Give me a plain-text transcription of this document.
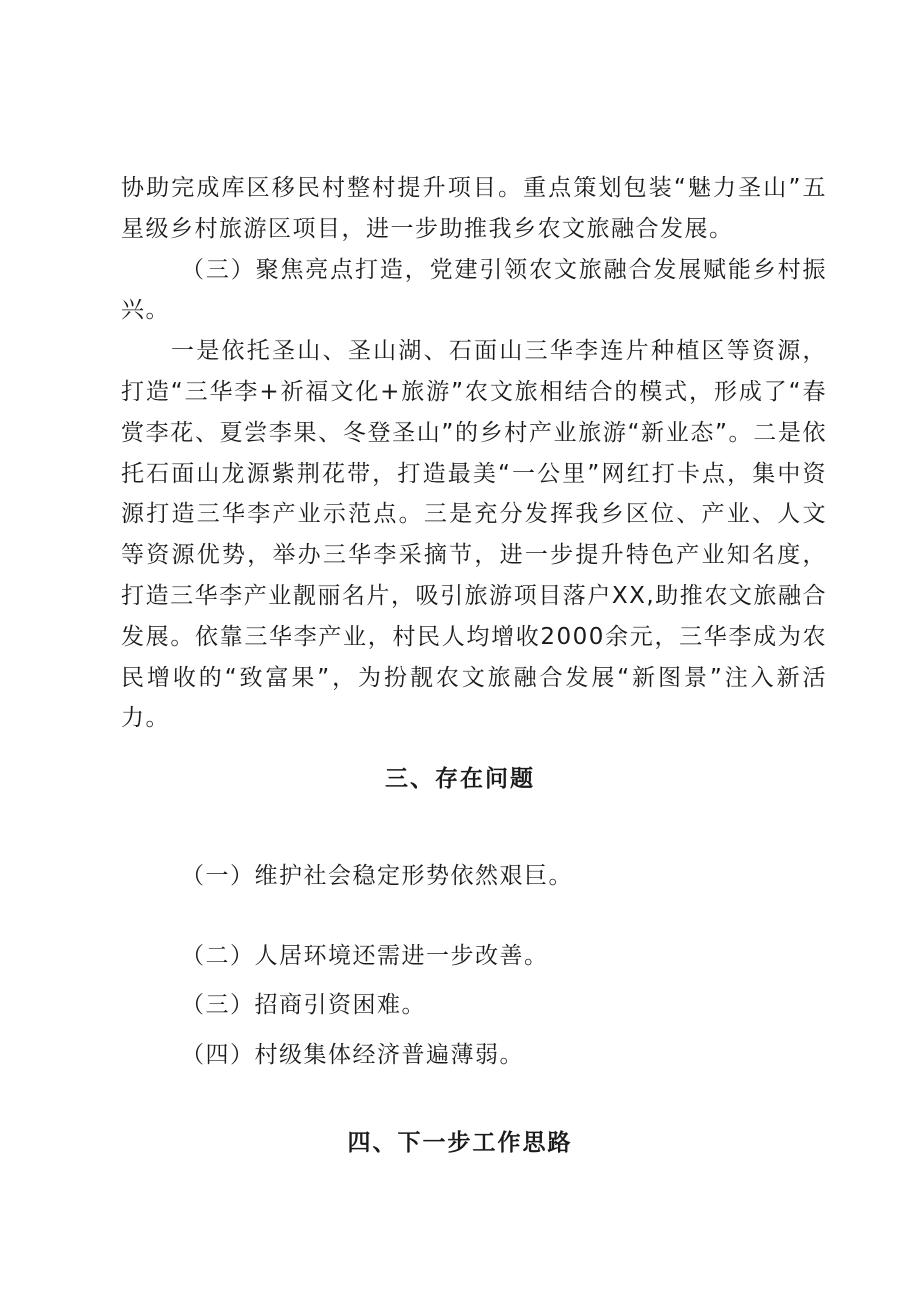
协助完成库区移民村整村提升项目。重点策划包装“魅力圣山”五星级乡村旅游区项目，进一步助推我乡农文旅融合发展。

（三）聚焦亮点打造，党建引领农文旅融合发展赋能乡村振兴。

一是依托圣山、圣山湖、石面山三华李连片种植区等资源，打造“三华李+祈福文化+旅游”农文旅相结合的模式，形成了“春赏李花、夏尝李果、冬登圣山”的乡村产业旅游“新业态”。二是依托石面山龙源紫荆花带，打造最美“一公里”网红打卡点，集中资源打造三华李产业示范点。三是充分发挥我乡区位、产业、人文等资源优势，举办三华李采摘节，进一步提升特色产业知名度，打造三华李产业靓丽名片，吸引旅游项目落户XX,助推农文旅融合发展。依靠三华李产业，村民人均增收2000余元，三华李成为农民增收的“致富果”，为扮靓农文旅融合发展“新图景”注入新活力。

三、存在问题

（一）维护社会稳定形势依然艰巨。

（二）人居环境还需进一步改善。

（三）招商引资困难。

（四）村级集体经济普遍薄弱。

四、下一步工作思路
